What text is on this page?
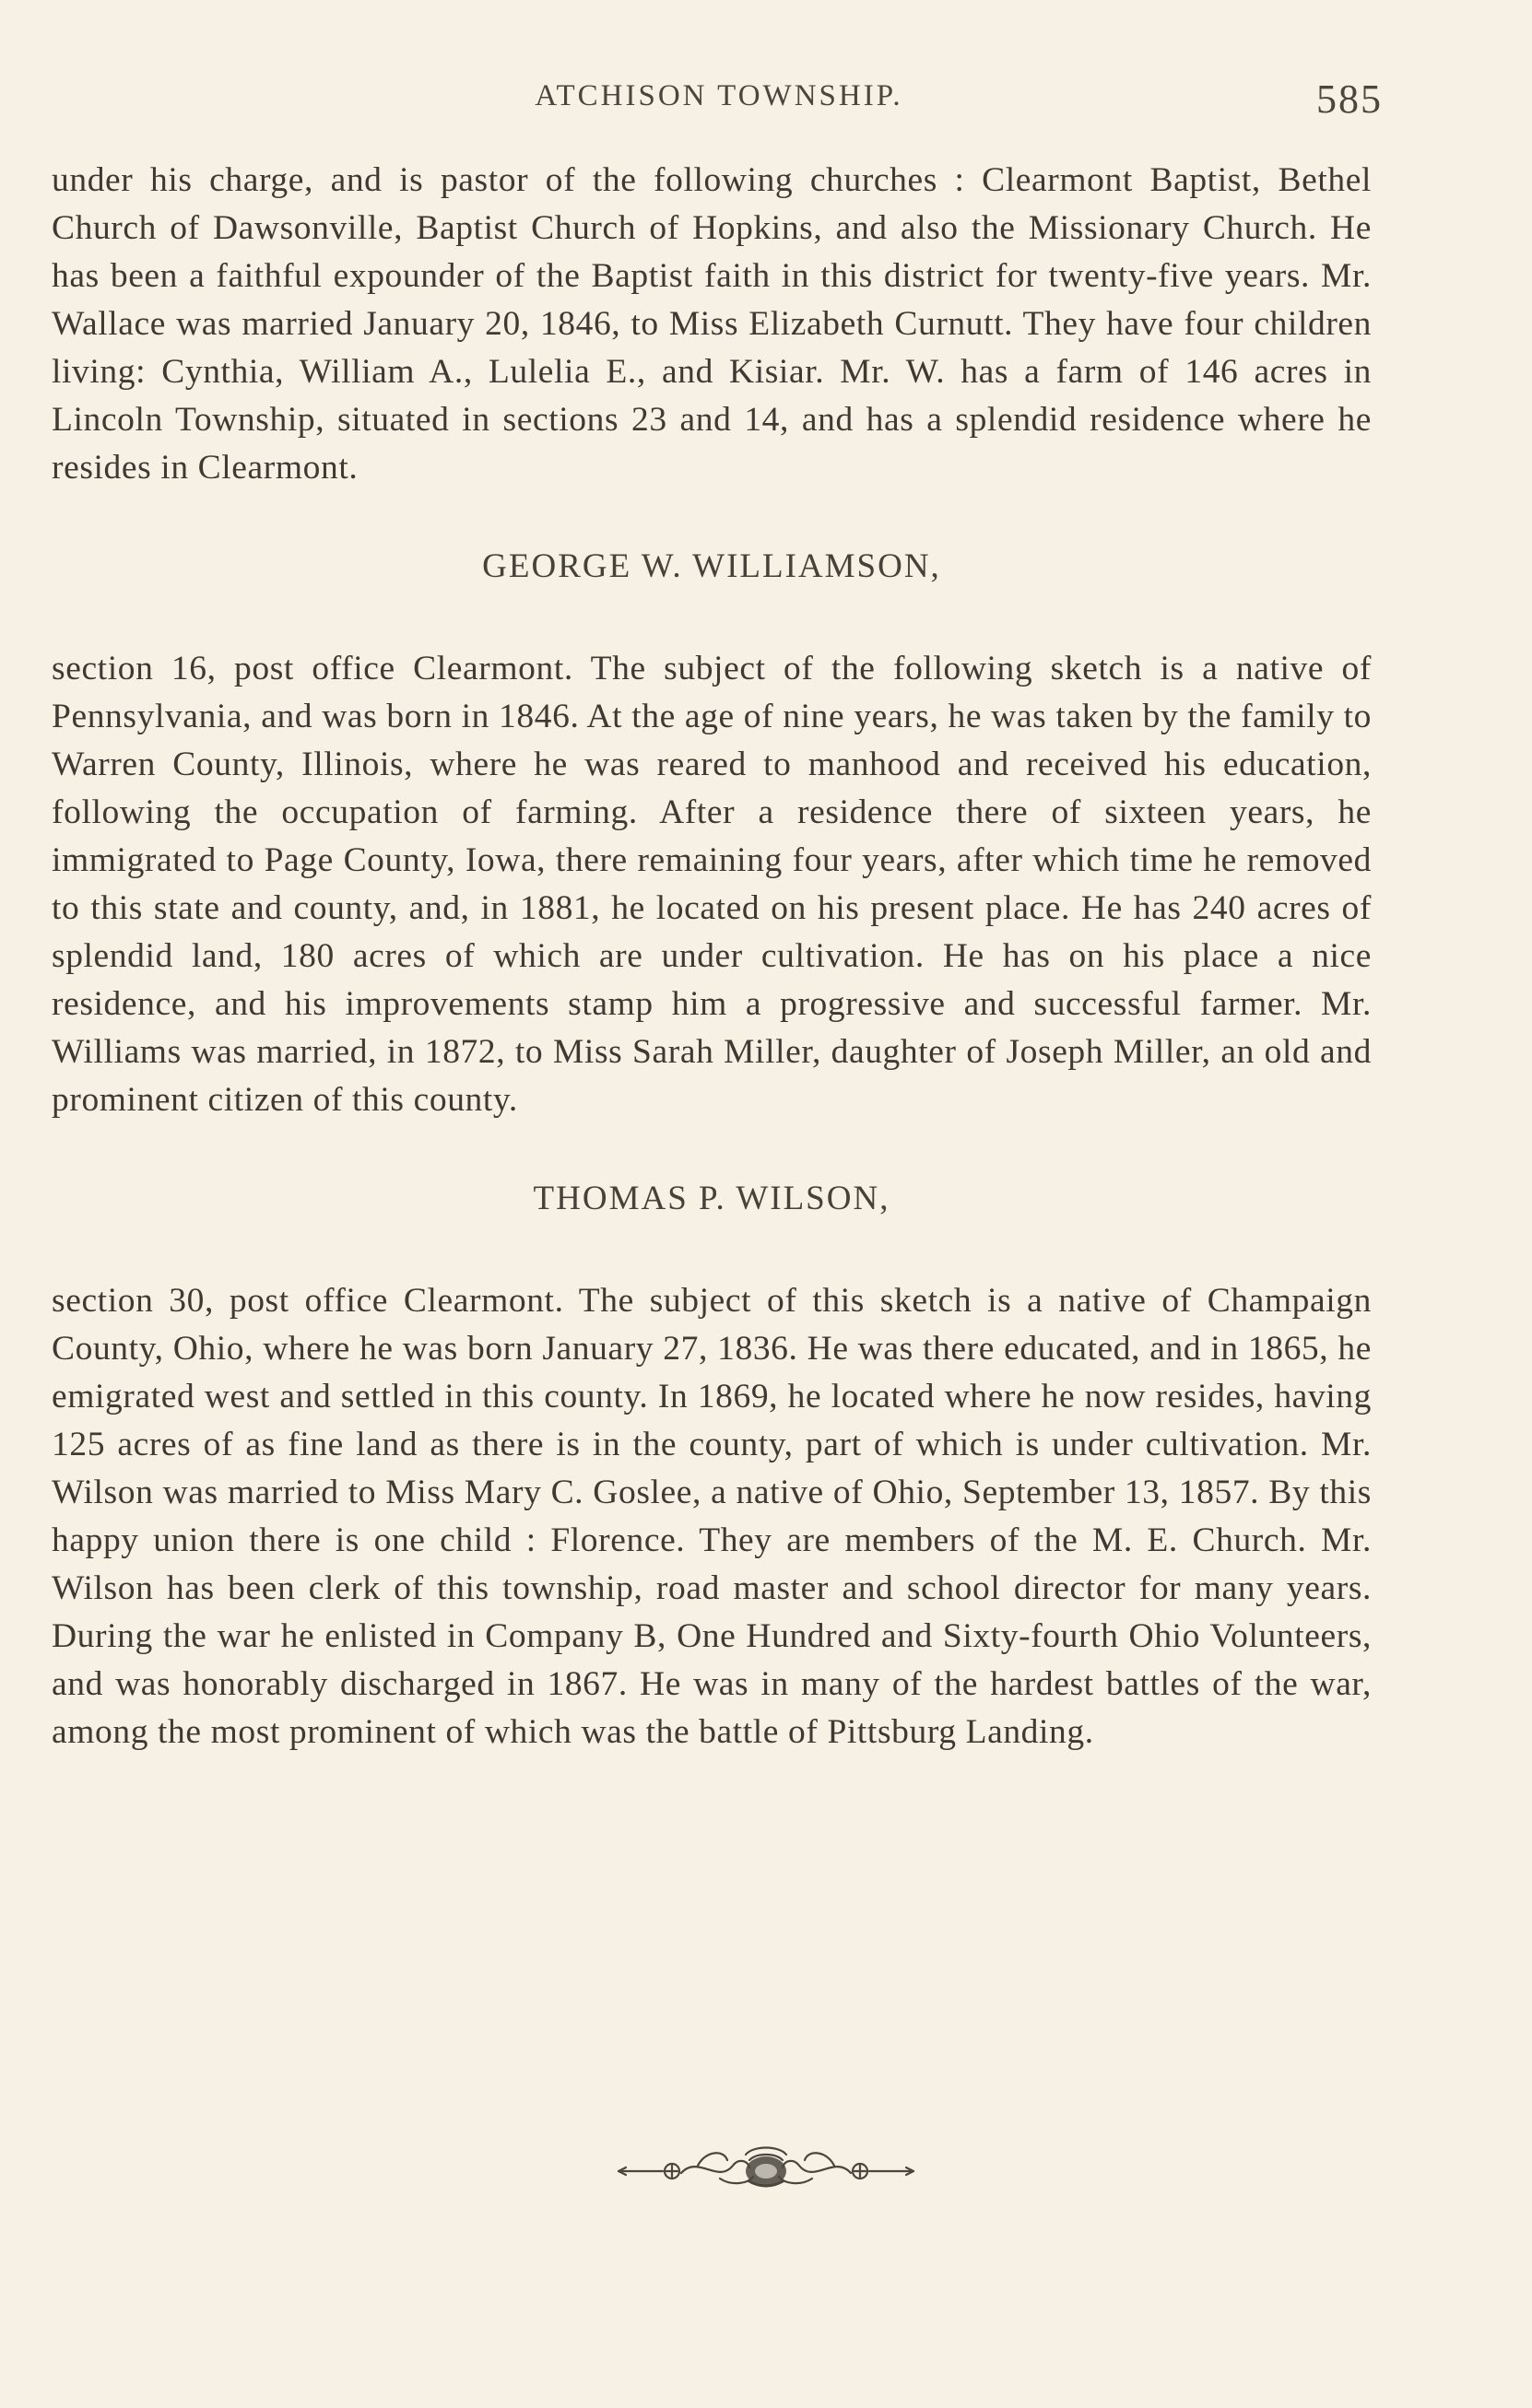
ATCHISON TOWNSHIP.	585

under his charge, and is pastor of the following churches : Clearmont Baptist, Bethel Church of Dawsonville, Baptist Church of Hopkins, and also the Missionary Church. He has been a faithful expounder of the Baptist faith in this district for twenty-five years. Mr. Wallace was married January 20, 1846, to Miss Elizabeth Curnutt. They have four children living: Cynthia, William A., Lulelia E., and Kisiar. Mr. W. has a farm of 146 acres in Lincoln Township, situated in sections 23 and 14, and has a splendid residence where he resides in Clearmont.

GEORGE W. WILLIAMSON,

section 16, post office Clearmont. The subject of the following sketch is a native of Pennsylvania, and was born in 1846. At the age of nine years, he was taken by the family to Warren County, Illinois, where he was reared to manhood and received his education, following the occupation of farming. After a residence there of sixteen years, he immigrated to Page County, Iowa, there remaining four years, after which time he removed to this state and county, and, in 1881, he located on his present place. He has 240 acres of splendid land, 180 acres of which are under cultivation. He has on his place a nice residence, and his improvements stamp him a progressive and successful farmer. Mr. Williams was married, in 1872, to Miss Sarah Miller, daughter of Joseph Miller, an old and prominent citizen of this county.

THOMAS P. WILSON,

section 30, post office Clearmont. The subject of this sketch is a native of Champaign County, Ohio, where he was born January 27, 1836. He was there educated, and in 1865, he emigrated west and settled in this county. In 1869, he located where he now resides, having 125 acres of as fine land as there is in the county, part of which is under cultivation. Mr. Wilson was married to Miss Mary C. Goslee, a native of Ohio, September 13, 1857. By this happy union there is one child : Florence. They are members of the M. E. Church. Mr. Wilson has been clerk of this township, road master and school director for many years. During the war he enlisted in Company B, One Hundred and Sixty-fourth Ohio Volunteers, and was honorably discharged in 1867. He was in many of the hardest battles of the war, among the most prominent of which was the battle of Pittsburg Landing.
